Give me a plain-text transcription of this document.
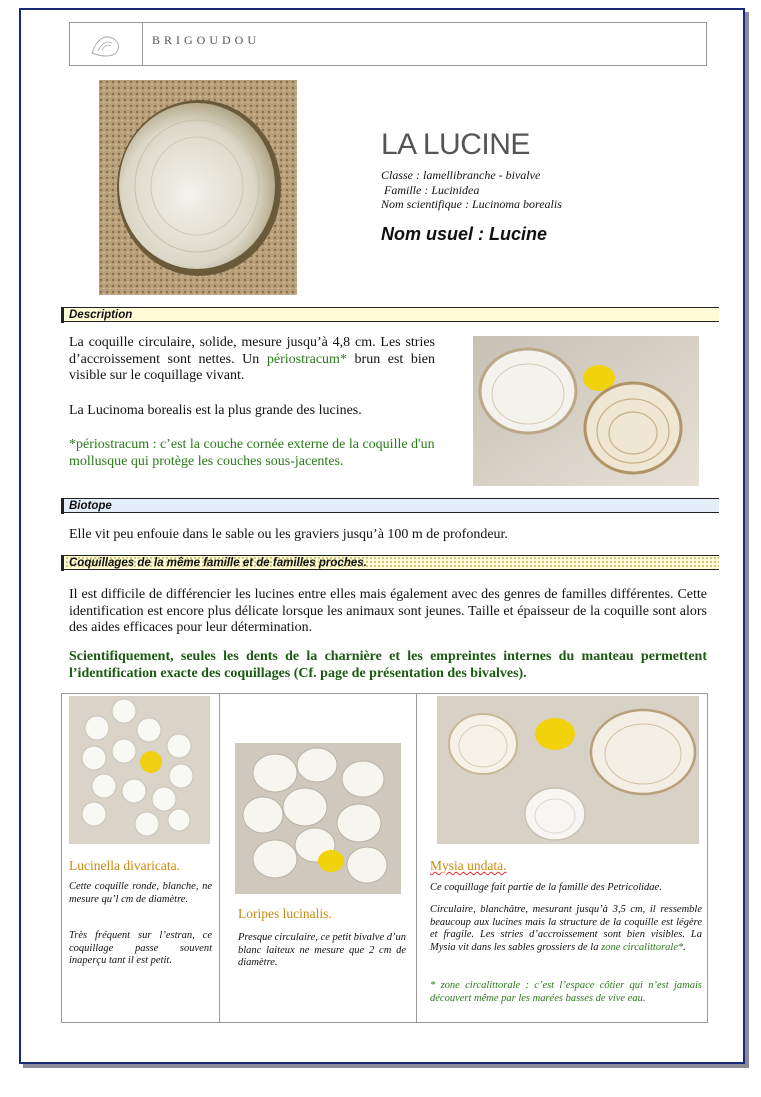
BRIGOUDOU
LA LUCINE
Classe : lamellibranche - bivalve
Famille : Lucinidea
Nom scientifique : Lucinoma borealis
Nom usuel : Lucine
Description
La coquille circulaire, solide, mesure jusqu’à 4,8 cm. Les stries d’accroissement sont nettes. Un périostracum* brun est bien visible sur le coquillage vivant.
La Lucinoma borealis est la plus grande des lucines.
*périostracum : c’est la couche cornée externe de la coquille d'un mollusque qui protège les couches sous-jacentes.
Biotope
Elle vit peu enfouie dans le sable ou les graviers jusqu’à 100 m de profondeur.
Coquillages de la même famille et de familles proches.
Il est difficile de différencier les lucines entre elles mais également avec des genres de familles différentes. Cette identification est encore plus délicate lorsque les animaux sont jeunes. Taille et épaisseur de la coquille sont alors des aides efficaces pour leur détermination.
Scientifiquement, seules les dents de la charnière et les empreintes internes du manteau permettent l’identification exacte des coquillages (Cf. page de présentation des bivalves).
Lucinella divaricata.
Cette coquille ronde, blanche, ne mesure qu’l cm de diamètre.
Très fréquent sur l’estran, ce coquillage passe souvent inaperçu tant il est petit.
Loripes lucinalis.
Presque circulaire, ce petit bivalve d’un blanc laiteux ne mesure que 2 cm de diamètre.
Mysia undata.
Ce coquillage fait partie de la famille des Petricolidae.
Circulaire, blanchâtre, mesurant jusqu’à 3,5 cm, il ressemble beaucoup aux lucines mais la structure de la coquille est légère et fragile. Les stries d’accroissement sont bien visibles. La Mysia vit dans les sables grossiers de la zone circalittorale*.
* zone circalittorale : c’est l’espace côtier qui n’est jamais découvert même par les marées basses de vive eau.
